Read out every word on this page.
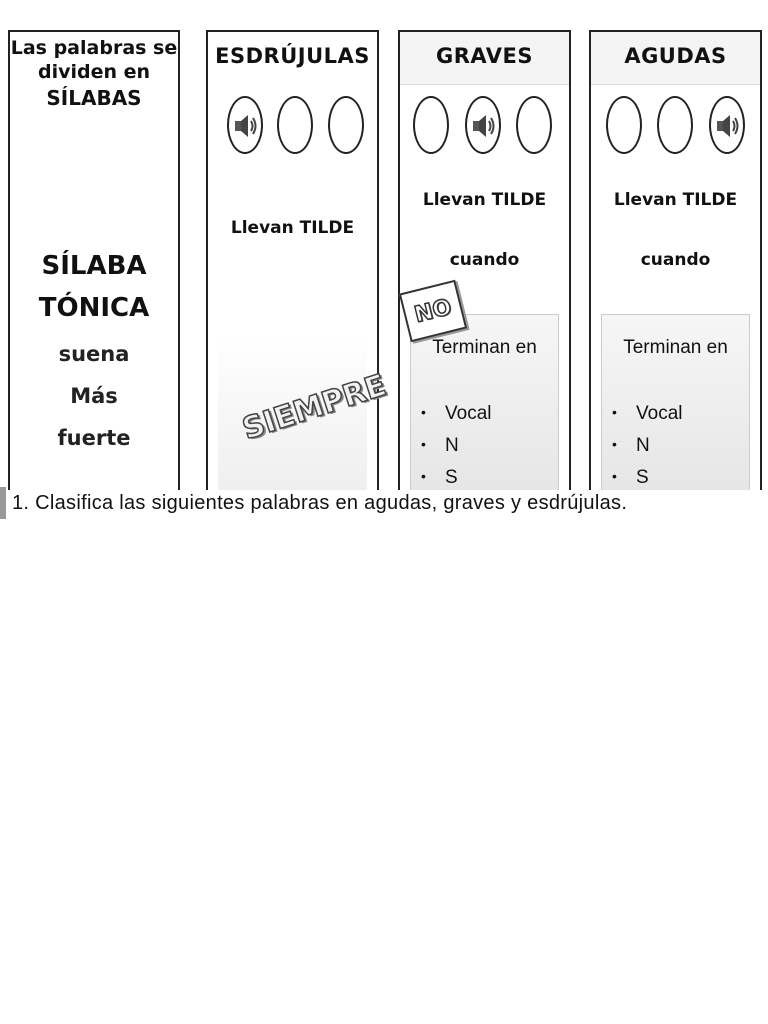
Las palabras se
dividen en
SÍLABAS
SÍLABA
TÓNICA
suena
Más
fuerte
ESDRÚJULAS
Llevan TILDE
SIEMPRE
GRAVES
Llevan TILDE
cuando
Terminan en
• Vocal
• N
• S
NO
AGUDAS
Llevan TILDE
cuando
Terminan en
• Vocal
• N
• S
1. Clasifica las siguientes palabras en agudas, graves y esdrújulas.
